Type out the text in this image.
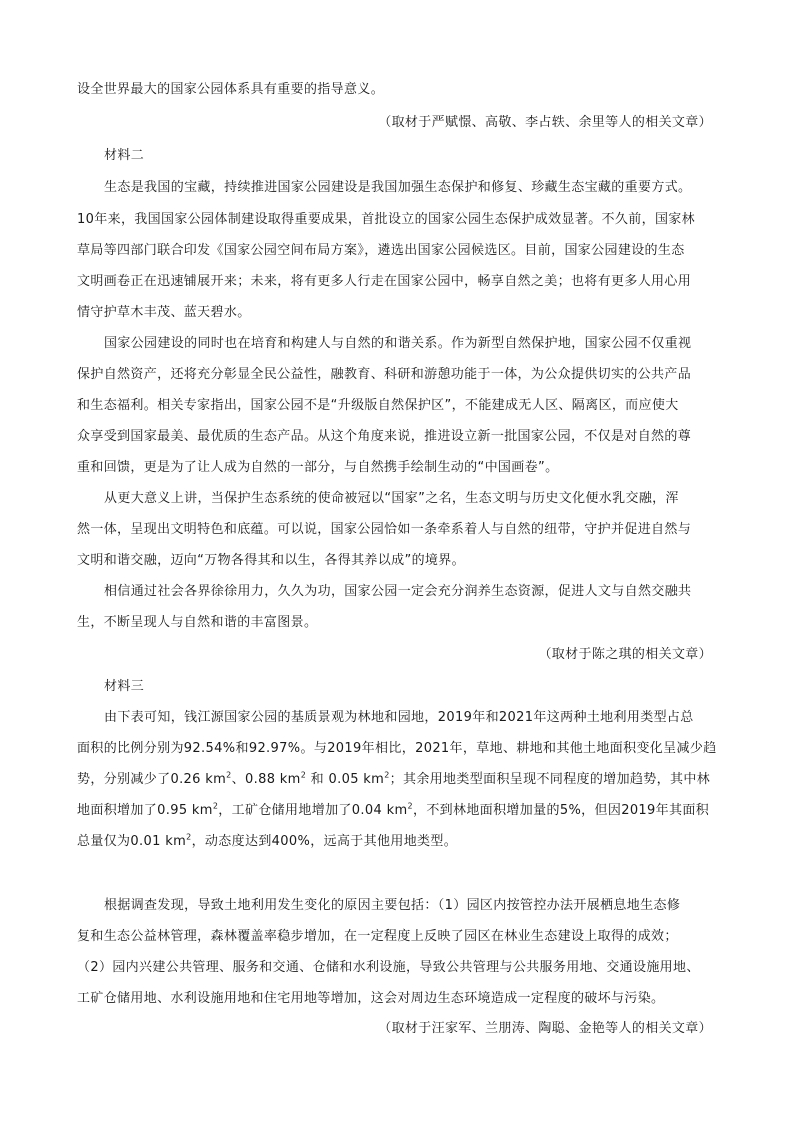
设全世界最大的国家公园体系具有重要的指导意义。
（取材于严赋憬、高敬、李占轶、余里等人的相关文章）
材料二
生态是我国的宝藏，持续推进国家公园建设是我国加强生态保护和修复、珍藏生态宝藏的重要方式。
10年来，我国国家公园体制建设取得重要成果，首批设立的国家公园生态保护成效显著。不久前，国家林
草局等四部门联合印发《国家公园空间布局方案》，遴选出国家公园候选区。目前，国家公园建设的生态
文明画卷正在迅速铺展开来；未来，将有更多人行走在国家公园中，畅享自然之美；也将有更多人用心用
情守护草木丰茂、蓝天碧水。
国家公园建设的同时也在培育和构建人与自然的和谐关系。作为新型自然保护地，国家公园不仅重视
保护自然资产，还将充分彰显全民公益性，融教育、科研和游憩功能于一体，为公众提供切实的公共产品
和生态福利。相关专家指出，国家公园不是“升级版自然保护区”，不能建成无人区、隔离区，而应使大
众享受到国家最美、最优质的生态产品。从这个角度来说，推进设立新一批国家公园，不仅是对自然的尊
重和回馈，更是为了让人成为自然的一部分，与自然携手绘制生动的“中国画卷”。
从更大意义上讲，当保护生态系统的使命被冠以“国家”之名，生态文明与历史文化便水乳交融，浑
然一体，呈现出文明特色和底蕴。可以说，国家公园恰如一条牵系着人与自然的纽带，守护并促进自然与
文明和谐交融，迈向“万物各得其和以生，各得其养以成”的境界。
相信通过社会各界徐徐用力，久久为功，国家公园一定会充分润养生态资源，促进人文与自然交融共
生，不断呈现人与自然和谐的丰富图景。
（取材于陈之琪的相关文章）
材料三
由下表可知，钱江源国家公园的基质景观为林地和园地，2019年和2021年这两种土地利用类型占总
面积的比例分别为92.54%和92.97%。与2019年相比，2021年，草地、耕地和其他土地面积变化呈减少趋
势，分别减少了0.26 $km^2$、0.88 $km^2$ 和 0.05 $km^2$；其余用地类型面积呈现不同程度的增加趋势，其中林
地面积增加了0.95 $km^2$，工矿仓储用地增加了0.04 $km^2$，不到林地面积增加量的5%，但因2019年其面积
总量仅为0.01 $km^2$，动态度达到400%，远高于其他用地类型。
根据调查发现，导致土地利用发生变化的原因主要包括：（1）园区内按管控办法开展栖息地生态修
复和生态公益林管理，森林覆盖率稳步增加，在一定程度上反映了园区在林业生态建设上取得的成效；
（2）园内兴建公共管理、服务和交通、仓储和水利设施，导致公共管理与公共服务用地、交通设施用地、
工矿仓储用地、水利设施用地和住宅用地等增加，这会对周边生态环境造成一定程度的破坏与污染。
（取材于汪家军、兰朋涛、陶聪、金艳等人的相关文章）
